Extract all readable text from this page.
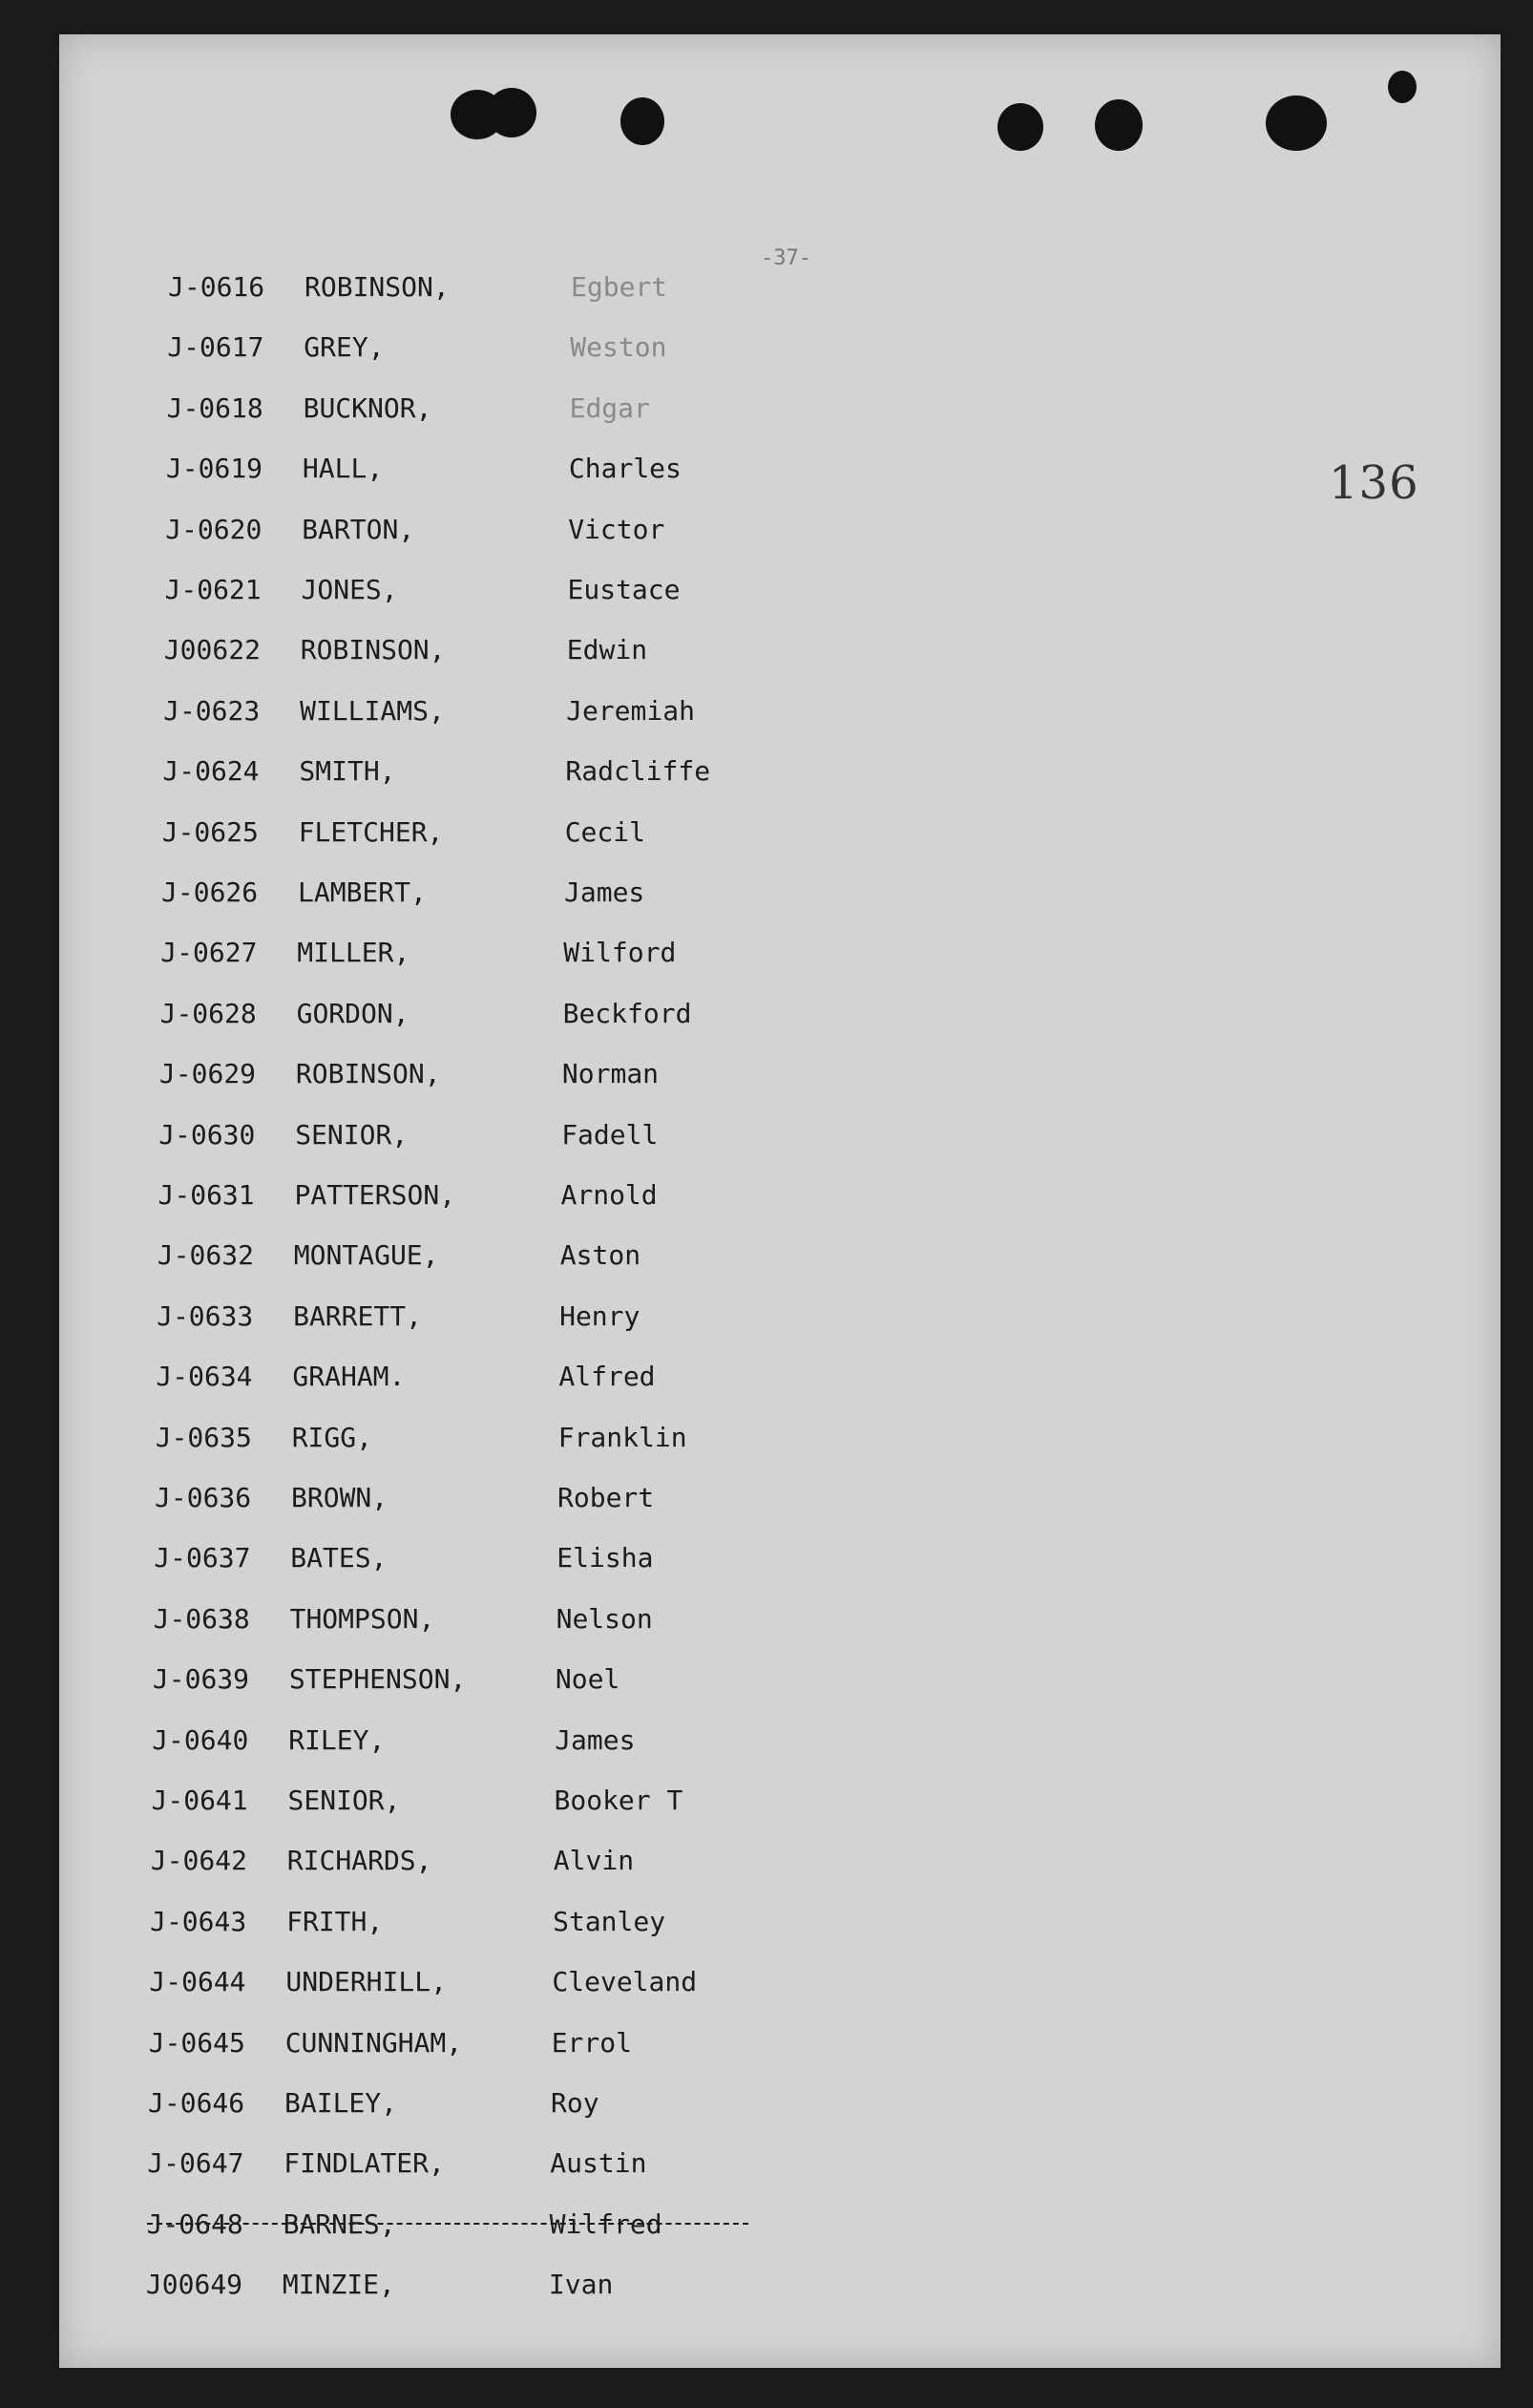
-37-
136
J-0616 ROBINSON,	Egbert
J-0617 GREY,	Weston
J-0618 BUCKNOR,	Edgar
J-0619 HALL,	Charles
J-0620 BARTON,	Victor
J-0621 JONES,	Eustace
J00622 ROBINSON,	Edwin
J-0623 WILLIAMS,	Jeremiah
J-0624 SMITH,	Radcliffe
J-0625 FLETCHER,	Cecil
J-0626 LAMBERT,	James
J-0627 MILLER,	Wilford
J-0628 GORDON,	Beckford
J-0629 ROBINSON,	Norman
J-0630 SENIOR,	Fadell
J-0631 PATTERSON,	Arnold
J-0632 MONTAGUE,	Aston
J-0633 BARRETT,	Henry
J-0634 GRAHAM.	Alfred
J-0635 RIGG,	Franklin
J-0636 BROWN,	Robert
J-0637 BATES,	Elisha
J-0638 THOMPSON,	Nelson
J-0639 STEPHENSON,	Noel
J-0640 RILEY,	James
J-0641 SENIOR,	Booker T
J-0642 RICHARDS,	Alvin
J-0643 FRITH,	Stanley
J-0644 UNDERHILL,	Cleveland
J-0645 CUNNINGHAM,	Errol
J-0646 BAILEY,	Roy
J-0647 FINDLATER,	Austin
J-0648 BARNES,	Wilfred
J00649 MINZIE,	Ivan
